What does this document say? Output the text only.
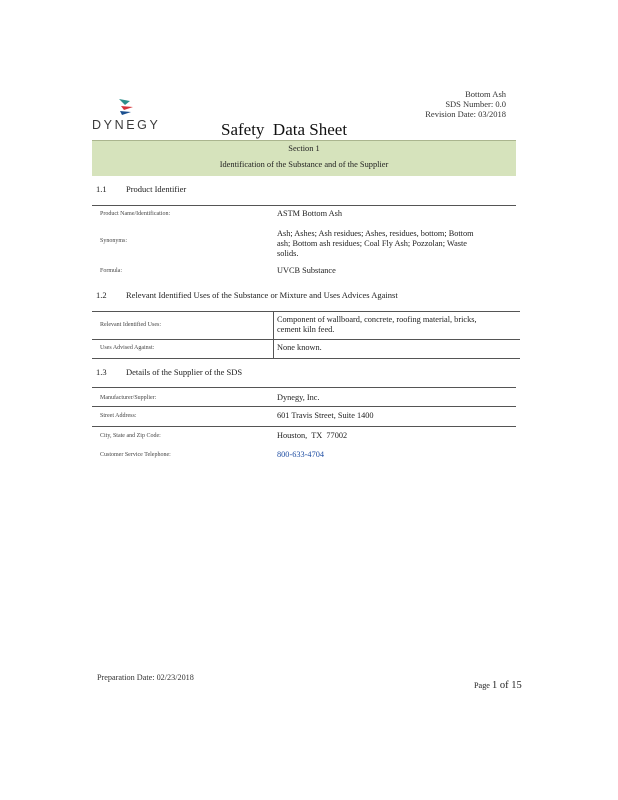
Bottom Ash
SDS Number: 0.0
Revision Date: 03/2018
DYNEGY	Safety  Data Sheet
Section 1
Identification of the Substance and of the Supplier
1.1 Product Identifier
Product Name/Identification:	ASTM Bottom Ash
Synonyms:
Ash; Ashes; Ash residues; Ashes, residues, bottom; Bottom
ash; Bottom ash residues; Coal Fly Ash; Pozzolan; Waste
solids.
Formula:	UVCB Substance
1.2 Relevant Identified Uses of the Substance or Mixture and Uses Advices Against
Relevant Identified Uses:
Component of wallboard, concrete, roofing material, bricks,
cement kiln feed.
Uses Advised Against:	None known.
1.3 Details of the Supplier of the SDS
Manufacturer/Supplier:	Dynegy, Inc.
Street Address:	601 Travis Street, Suite 1400
City, State and Zip Code:	Houston,  TX  77002
Customer Service Telephone:	800-633-4704
Preparation Date: 02/23/2018
Page 1 of 15
